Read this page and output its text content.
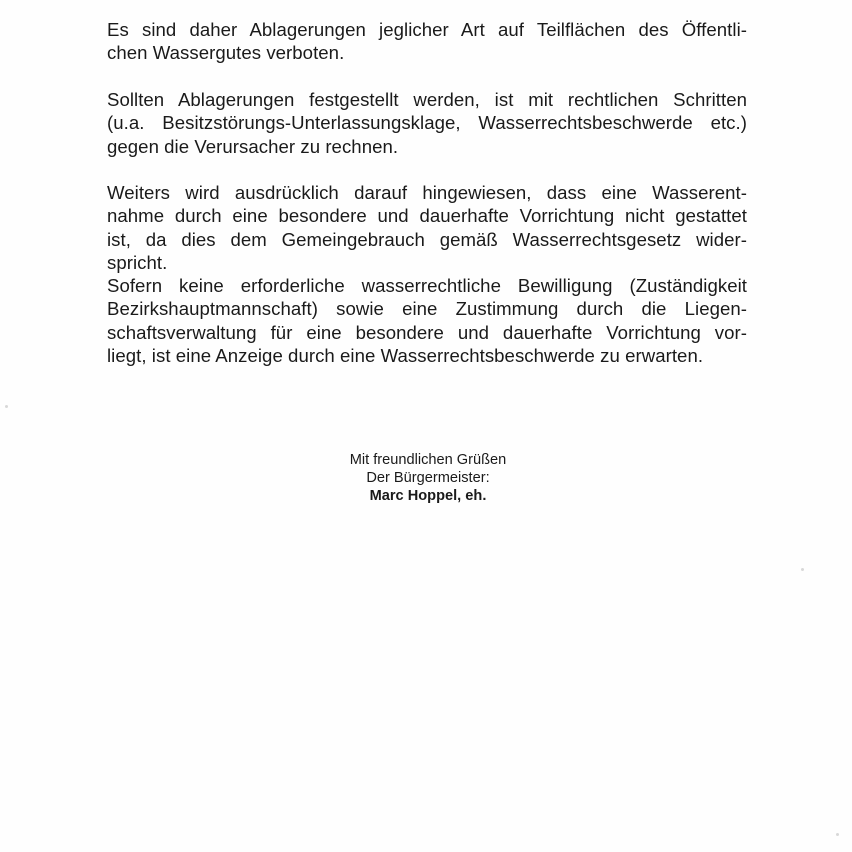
Es sind daher Ablagerungen jeglicher Art auf Teilflächen des Öffentli-
chen Wassergutes verboten.
Sollten Ablagerungen festgestellt werden, ist mit rechtlichen Schritten
(u.a. Besitzstörungs-Unterlassungsklage, Wasserrechtsbeschwerde etc.)
gegen die Verursacher zu rechnen.
Weiters wird ausdrücklich darauf hingewiesen, dass eine Wasserent-
nahme durch eine besondere und dauerhafte Vorrichtung nicht gestattet
ist, da dies dem Gemeingebrauch gemäß Wasserrechtsgesetz wider-
spricht.
Sofern keine erforderliche wasserrechtliche Bewilligung (Zuständigkeit
Bezirkshauptmannschaft) sowie eine Zustimmung durch die Liegen-
schaftsverwaltung für eine besondere und dauerhafte Vorrichtung vor-
liegt, ist eine Anzeige durch eine Wasserrechtsbeschwerde zu erwarten.
Mit freundlichen Grüßen
Der Bürgermeister:
Marc Hoppel, eh.
